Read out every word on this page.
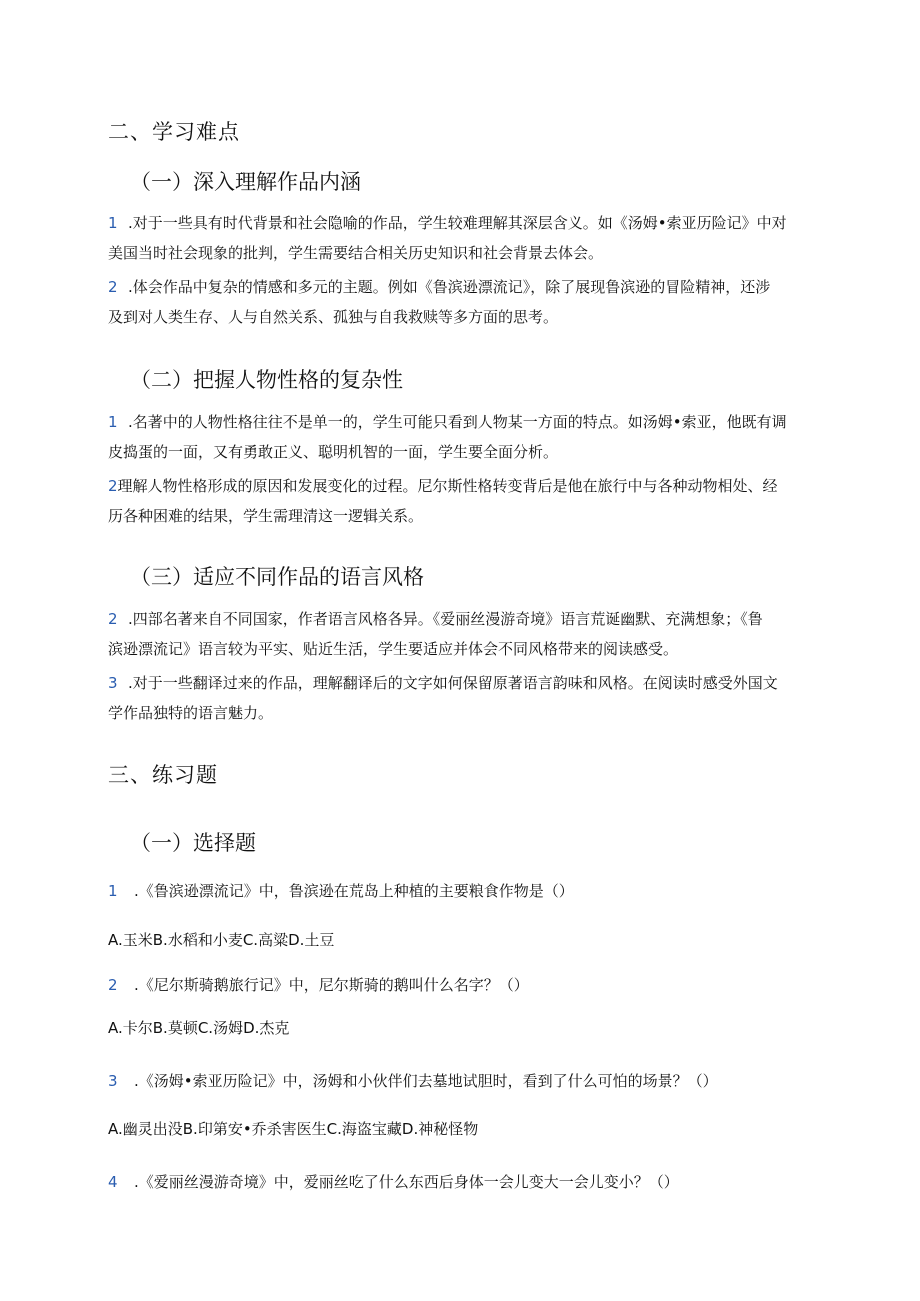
二、学习难点
（一）深入理解作品内涵
1 .对于一些具有时代背景和社会隐喻的作品，学生较难理解其深层含义。如《汤姆•索亚历险记》中对
美国当时社会现象的批判，学生需要结合相关历史知识和社会背景去体会。
2 .体会作品中复杂的情感和多元的主题。例如《鲁滨逊漂流记》，除了展现鲁滨逊的冒险精神，还涉
及到对人类生存、人与自然关系、孤独与自我救赎等多方面的思考。
（二）把握人物性格的复杂性
1 .名著中的人物性格往往不是单一的，学生可能只看到人物某一方面的特点。如汤姆•索亚，他既有调
皮捣蛋的一面，又有勇敢正义、聪明机智的一面，学生要全面分析。
2理解人物性格形成的原因和发展变化的过程。尼尔斯性格转变背后是他在旅行中与各种动物相处、经
历各种困难的结果，学生需理清这一逻辑关系。
（三）适应不同作品的语言风格
2 .四部名著来自不同国家，作者语言风格各异。《爱丽丝漫游奇境》语言荒诞幽默、充满想象；《鲁
滨逊漂流记》语言较为平实、贴近生活，学生要适应并体会不同风格带来的阅读感受。
3 .对于一些翻译过来的作品，理解翻译后的文字如何保留原著语言韵味和风格。在阅读时感受外国文
学作品独特的语言魅力。
三、练习题
（一）选择题
1 .《鲁滨逊漂流记》中，鲁滨逊在荒岛上种植的主要粮食作物是（）
A.玉米B.水稻和小麦C.高粱D.土豆
2 .《尼尔斯骑鹅旅行记》中，尼尔斯骑的鹅叫什么名字？（）
A.卡尔B.莫顿C.汤姆D.杰克
3 .《汤姆•索亚历险记》中，汤姆和小伙伴们去墓地试胆时，看到了什么可怕的场景？（）
A.幽灵出没B.印第安•乔杀害医生C.海盗宝藏D.神秘怪物
4 .《爱丽丝漫游奇境》中，爱丽丝吃了什么东西后身体一会儿变大一会儿变小？（）
